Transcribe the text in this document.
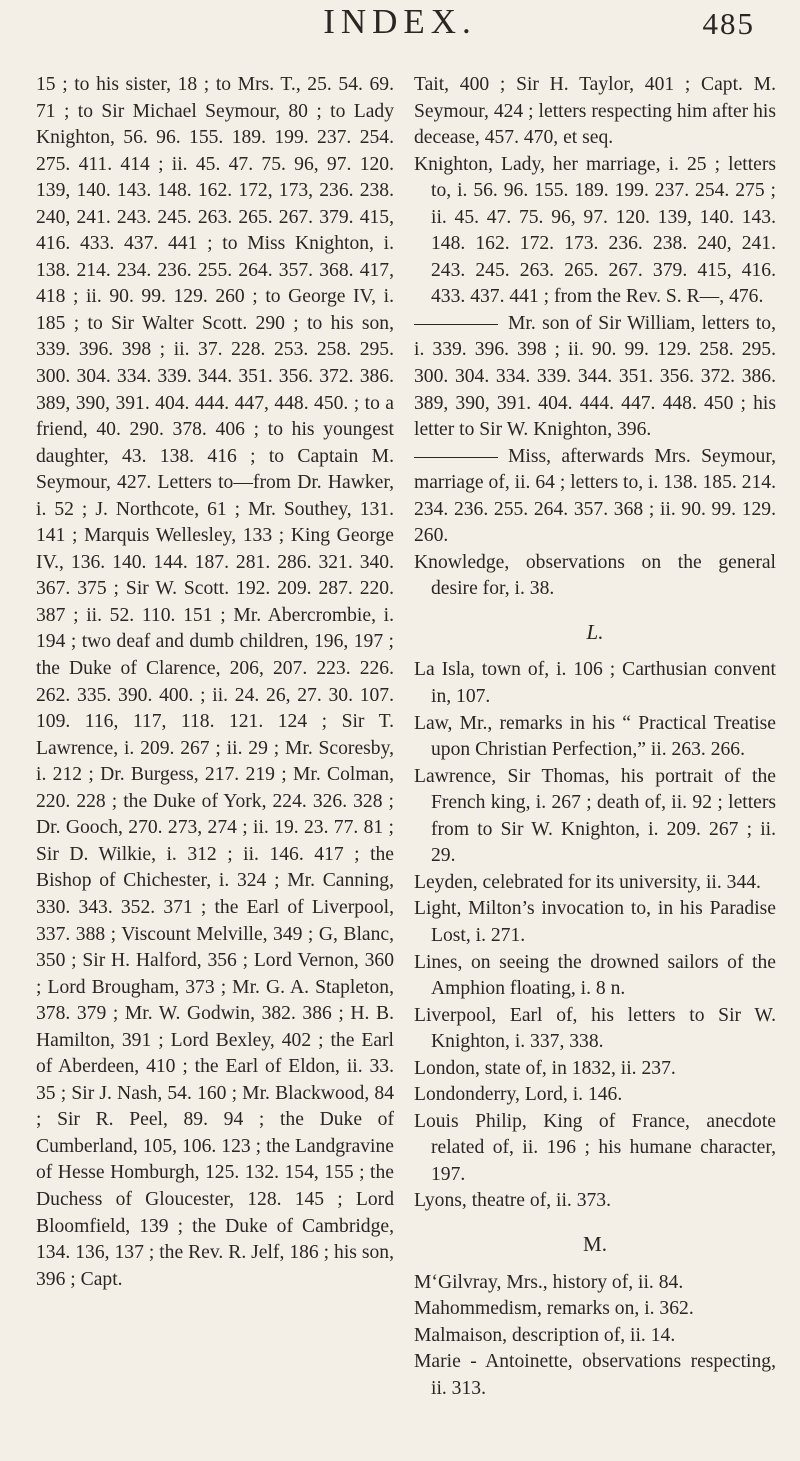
INDEX.	485

15 ; to his sister, 18 ; to Mrs. T., 25. 54. 69. 71 ; to Sir Michael Seymour, 80 ; to Lady Knighton, 56. 96. 155. 189. 199. 237. 254. 275. 411. 414 ; ii. 45. 47. 75. 96, 97. 120. 139, 140. 143. 148. 162. 172, 173, 236. 238. 240, 241. 243. 245. 263. 265. 267. 379. 415, 416. 433. 437. 441 ; to Miss Knighton, i. 138. 214. 234. 236. 255. 264. 357. 368. 417, 418 ; ii. 90. 99. 129. 260 ; to George IV, i. 185 ; to Sir Walter Scott. 290 ; to his son, 339. 396. 398 ; ii. 37. 228. 253. 258. 295. 300. 304. 334. 339. 344. 351. 356. 372. 386. 389, 390, 391. 404. 444. 447, 448. 450. ; to a friend, 40. 290. 378. 406 ; to his youngest daughter, 43. 138. 416 ; to Captain M. Seymour, 427. Letters to—from Dr. Hawker, i. 52 ; J. Northcote, 61 ; Mr. Southey, 131. 141 ; Marquis Wellesley, 133 ; King George IV., 136. 140. 144. 187. 281. 286. 321. 340. 367. 375 ; Sir W. Scott. 192. 209. 287. 220. 387 ; ii. 52. 110. 151 ; Mr. Abercrombie, i. 194 ; two deaf and dumb children, 196, 197 ; the Duke of Clarence, 206, 207. 223. 226. 262. 335. 390. 400. ; ii. 24. 26, 27. 30. 107. 109. 116, 117, 118. 121. 124 ; Sir T. Lawrence, i. 209. 267 ; ii. 29 ; Mr. Scoresby, i. 212 ; Dr. Burgess, 217. 219 ; Mr. Colman, 220. 228 ; the Duke of York, 224. 326. 328 ; Dr. Gooch, 270. 273, 274 ; ii. 19. 23. 77. 81 ; Sir D. Wilkie, i. 312 ; ii. 146. 417 ; the Bishop of Chichester, i. 324 ; Mr. Canning, 330. 343. 352. 371 ; the Earl of Liverpool, 337. 388 ; Viscount Melville, 349 ; G, Blanc, 350 ; Sir H. Halford, 356 ; Lord Vernon, 360 ; Lord Brougham, 373 ; Mr. G. A. Stapleton, 378. 379 ; Mr. W. Godwin, 382. 386 ; H. B. Hamilton, 391 ; Lord Bexley, 402 ; the Earl of Aberdeen, 410 ; the Earl of Eldon, ii. 33. 35 ; Sir J. Nash, 54. 160 ; Mr. Blackwood, 84 ; Sir R. Peel, 89. 94 ; the Duke of Cumberland, 105, 106. 123 ; the Landgravine of Hesse Homburgh, 125. 132. 154, 155 ; the Duchess of Gloucester, 128. 145 ; Lord Bloomfield, 139 ; the Duke of Cambridge, 134. 136, 137 ; the Rev. R. Jelf, 186 ; his son, 396 ; Capt.

Tait, 400 ; Sir H. Taylor, 401 ; Capt. M. Seymour, 424 ; letters respecting him after his decease, 457. 470, et seq.

Knighton, Lady, her marriage, i. 25 ; letters to, i. 56. 96. 155. 189. 199. 237. 254. 275 ; ii. 45. 47. 75. 96, 97. 120. 139, 140. 143. 148. 162. 172. 173. 236. 238. 240, 241. 243. 245. 263. 265. 267. 379. 415, 416. 433. 437. 441 ; from the Rev. S. R—, 476.

Mr. son of Sir William, letters to, i. 339. 396. 398 ; ii. 90. 99. 129. 258. 295. 300. 304. 334. 339. 344. 351. 356. 372. 386. 389, 390, 391. 404. 444. 447. 448. 450 ; his letter to Sir W. Knighton, 396.

Miss, afterwards Mrs. Seymour, marriage of, ii. 64 ; letters to, i. 138. 185. 214. 234. 236. 255. 264. 357. 368 ; ii. 90. 99. 129. 260.

Knowledge, observations on the general desire for, i. 38.

L.

La Isla, town of, i. 106 ; Carthusian convent in, 107.

Law, Mr., remarks in his “ Practical Treatise upon Christian Perfection,” ii. 263. 266.

Lawrence, Sir Thomas, his portrait of the French king, i. 267 ; death of, ii. 92 ; letters from to Sir W. Knighton, i. 209. 267 ; ii. 29.

Leyden, celebrated for its university, ii. 344.

Light, Milton’s invocation to, in his Paradise Lost, i. 271.

Lines, on seeing the drowned sailors of the Amphion floating, i. 8 n.

Liverpool, Earl of, his letters to Sir W. Knighton, i. 337, 338.

London, state of, in 1832, ii. 237.

Londonderry, Lord, i. 146.

Louis Philip, King of France, anecdote related of, ii. 196 ; his humane character, 197.

Lyons, theatre of, ii. 373.

M.

M‘Gilvray, Mrs., history of, ii. 84.

Mahommedism, remarks on, i. 362.

Malmaison, description of, ii. 14.

Marie - Antoinette, observations respecting, ii. 313.
